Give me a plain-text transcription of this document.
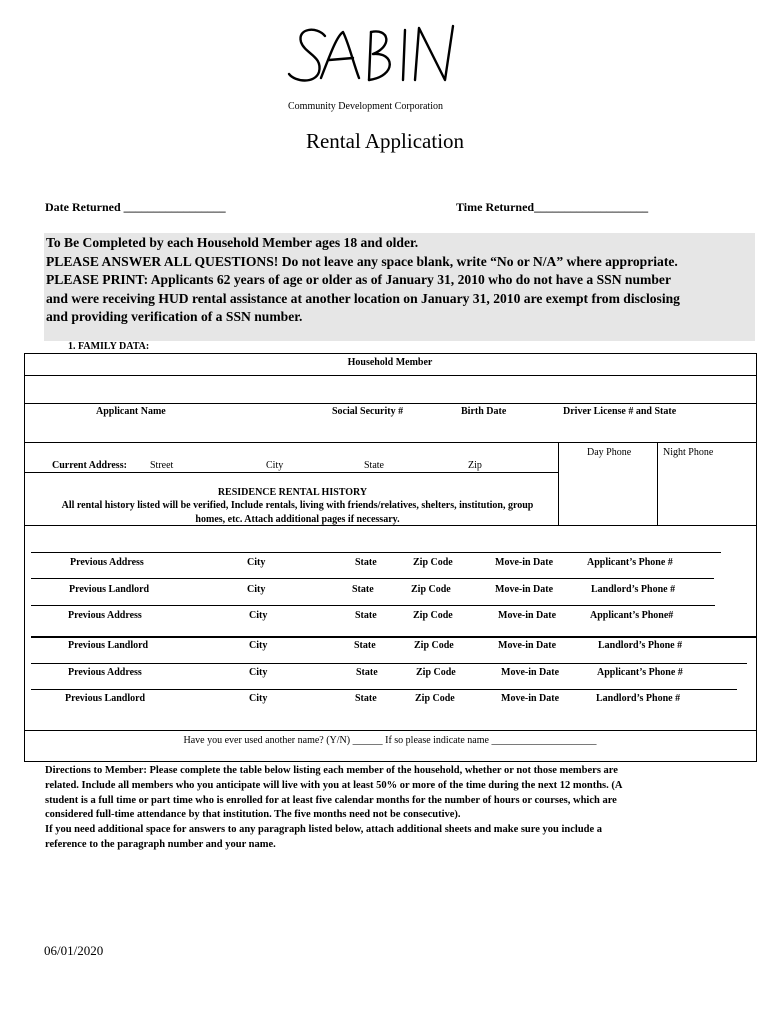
Community Development Corporation
Rental Application
Date Returned _________________	Time Returned___________________
To Be Completed by each Household Member ages 18 and older.
PLEASE ANSWER ALL QUESTIONS! Do not leave any space blank, write “No or N/A” where appropriate.
PLEASE PRINT: Applicants 62 years of age or older as of January 31, 2010 who do not have a SSN number
and were receiving HUD rental assistance at another location on January 31, 2010 are exempt from disclosing
and providing verification of a SSN number.
1. FAMILY DATA:
Household Member
Applicant Name	Social Security #	Birth Date	Driver License # and State
Day Phone	Night Phone
Current Address: Street	City	State	Zip
RESIDENCE RENTAL HISTORY
All rental history listed will be verified, Include rentals, living with friends/relatives, shelters, institution, group
homes, etc. Attach additional pages if necessary.
Previous Address	City	State	Zip Code	Move-in Date	Applicant’s Phone #
Previous Landlord	City	State	Zip Code	Move-in Date	Landlord’s Phone #
Previous Address	City	State	Zip Code	Move-in Date	Applicant’s Phone#
Previous Landlord	City	State	Zip Code	Move-in Date	Landlord’s Phone #
Previous Address	City	State	Zip Code	Move-in Date	Applicant’s Phone #
Previous Landlord	City	State	Zip Code	Move-in Date	Landlord’s Phone #
Have you ever used another name? (Y/N) ______ If so please indicate name _____________________
Directions to Member: Please complete the table below listing each member of the household, whether or not those members are
related. Include all members who you anticipate will live with you at least 50% or more of the time during the next 12 months. (A
student is a full time or part time who is enrolled for at least five calendar months for the number of hours or courses, which are
considered full-time attendance by that institution. The five months need not be consecutive).
If you need additional space for answers to any paragraph listed below, attach additional sheets and make sure you include a
reference to the paragraph number and your name.
06/01/2020
